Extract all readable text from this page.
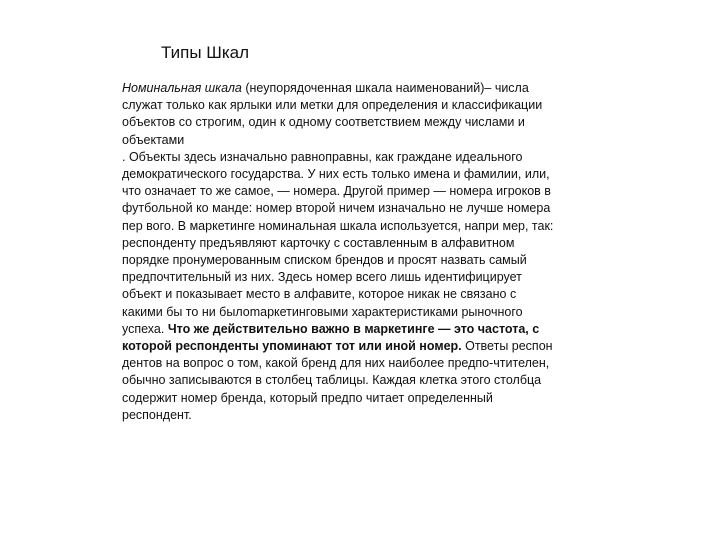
Типы Шкал
Номинальная шкала (неупорядоченная шкала наименований)– числа
служат только как ярлыки или метки для определения и классификации
объектов со строгим, один к одному соответствием между числами и
объектами
. Объекты здесь изначально равноправны, как граждане идеального
демократического государства. У них есть только имена и фамилии, или,
что означает то же самое, — номера. Другой пример — номера игроков в
футбольной ко манде: номер второй ничем изначально не лучше номера
пер вого. В маркетинге номинальная шкала используется, напри мер, так:
респонденту предъявляют карточку с составленным в алфавитном
порядке пронумерованным списком брендов и просят назвать самый
предпочтительный из них. Здесь номер всего лишь идентифицирует
объект и показывает место в алфавите, которое никак не связано с
какими бы то ни былоmаркетинговыми характеристиками рыночного
успеха. Что же действительно важно в маркетинге — это частота, с
которой респонденты упоминают тот или иной номер. Ответы респон
дентов на вопрос о том, какой бренд для них наиболее предпо-чтителен,
обычно записываются в столбец таблицы. Каждая клетка этого столбца
содержит номер бренда, который предпо читает определенный
респондент.
